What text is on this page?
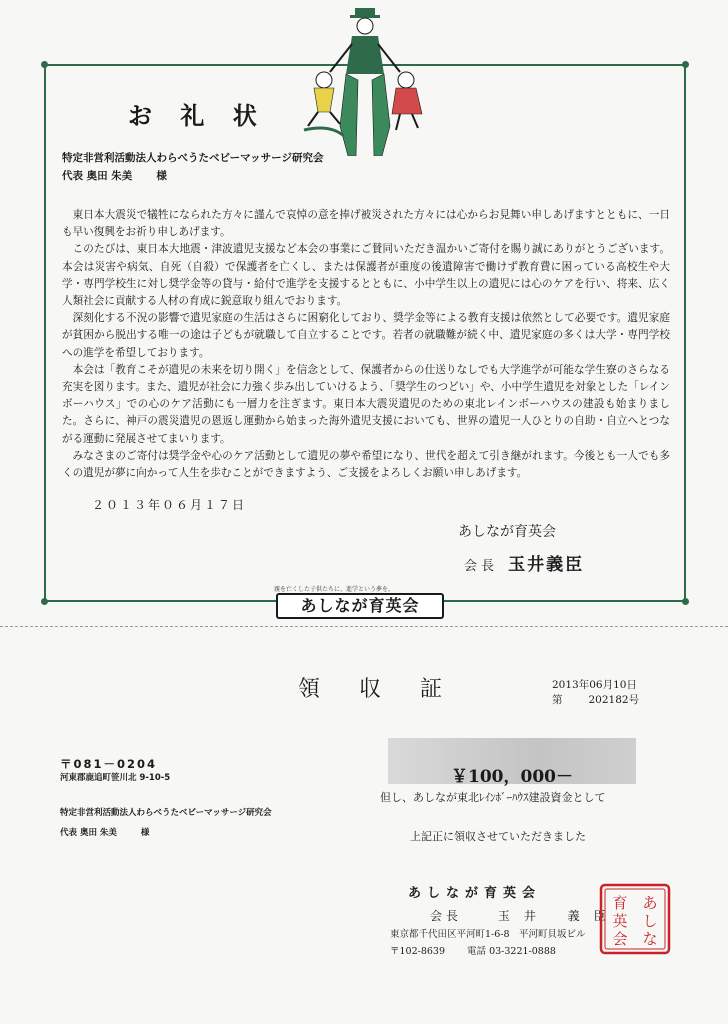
お 礼 状
特定非営利活動法人わらべうたベビーマッサージ研究会
代表 奥田 朱美 様

東日本大震災で犠牲になられた方々に謹んで哀悼の意を捧げ被災された方々には心からお見舞い申しあげますとともに、一日も早い復興をお祈り申しあげます。

このたびは、東日本大地震・津波遺児支援など本会の事業にご賛同いただき温かいご寄付を賜り誠にありがとうございます。本会は災害や病気、自死（自殺）で保護者を亡くし、または保護者が重度の後遺障害で働けず教育費に困っている高校生や大学・専門学校生に対し奨学金等の貸与・給付で進学を支援するとともに、小中学生以上の遺児には心のケアを行い、将来、広く人類社会に貢献する人材の育成に鋭意取り組んでおります。

深刻化する不況の影響で遺児家庭の生活はさらに困窮化しており、奨学金等による教育支援は依然として必要です。遺児家庭が貧困から脱出する唯一の途は子どもが就職して自立することです。若者の就職難が続く中、遺児家庭の多くは大学・専門学校への進学を希望しております。

本会は「教育こそが遺児の未来を切り開く」を信念として、保護者からの仕送りなしでも大学進学が可能な学生寮のさらなる充実を図ります。また、遺児が社会に力強く歩み出していけるよう、「奨学生のつどい」や、小中学生遺児を対象とした「レインボーハウス」での心のケア活動にも一層力を注ぎます。東日本大震災遺児のための東北レインボーハウスの建設も始まりました。さらに、神戸の震災遺児の恩返し運動から始まった海外遺児支援においても、世界の遺児一人ひとりの自助・自立へとつながる運動に発展させてまいります。

みなさまのご寄付は奨学金や心のケア活動として遺児の夢や希望になり、世代を超えて引き継がれます。今後とも一人でも多くの遺児が夢に向かって人生を歩むことができますよう、ご支援をよろしくお願い申しあげます。

２０１３年０６月１７日
あしなが育英会
会 長 玉井義臣
親を亡くした子供たちに、進学という夢を。
あしなが育英会
領 収 証	2013年06月10日
第 202182号
〒081－0204
河東郡鹿追町笹川北 9-10-5
特定非営利活動法人わらべうたベビーマッサージ研究会
代表 奥田 朱美	様
￥100，000－
但し、あしなが東北ﾚｲﾝﾎﾞｰﾊｳｽ建設資金として
上記正に領収させていただきました
あしなが育英会
会 長	玉井 義臣
東京都千代田区平河町1-6-8　平河町貝坂ビル
〒102-8639 電話 03-3221-0888
あ
し
な
育
英
会
